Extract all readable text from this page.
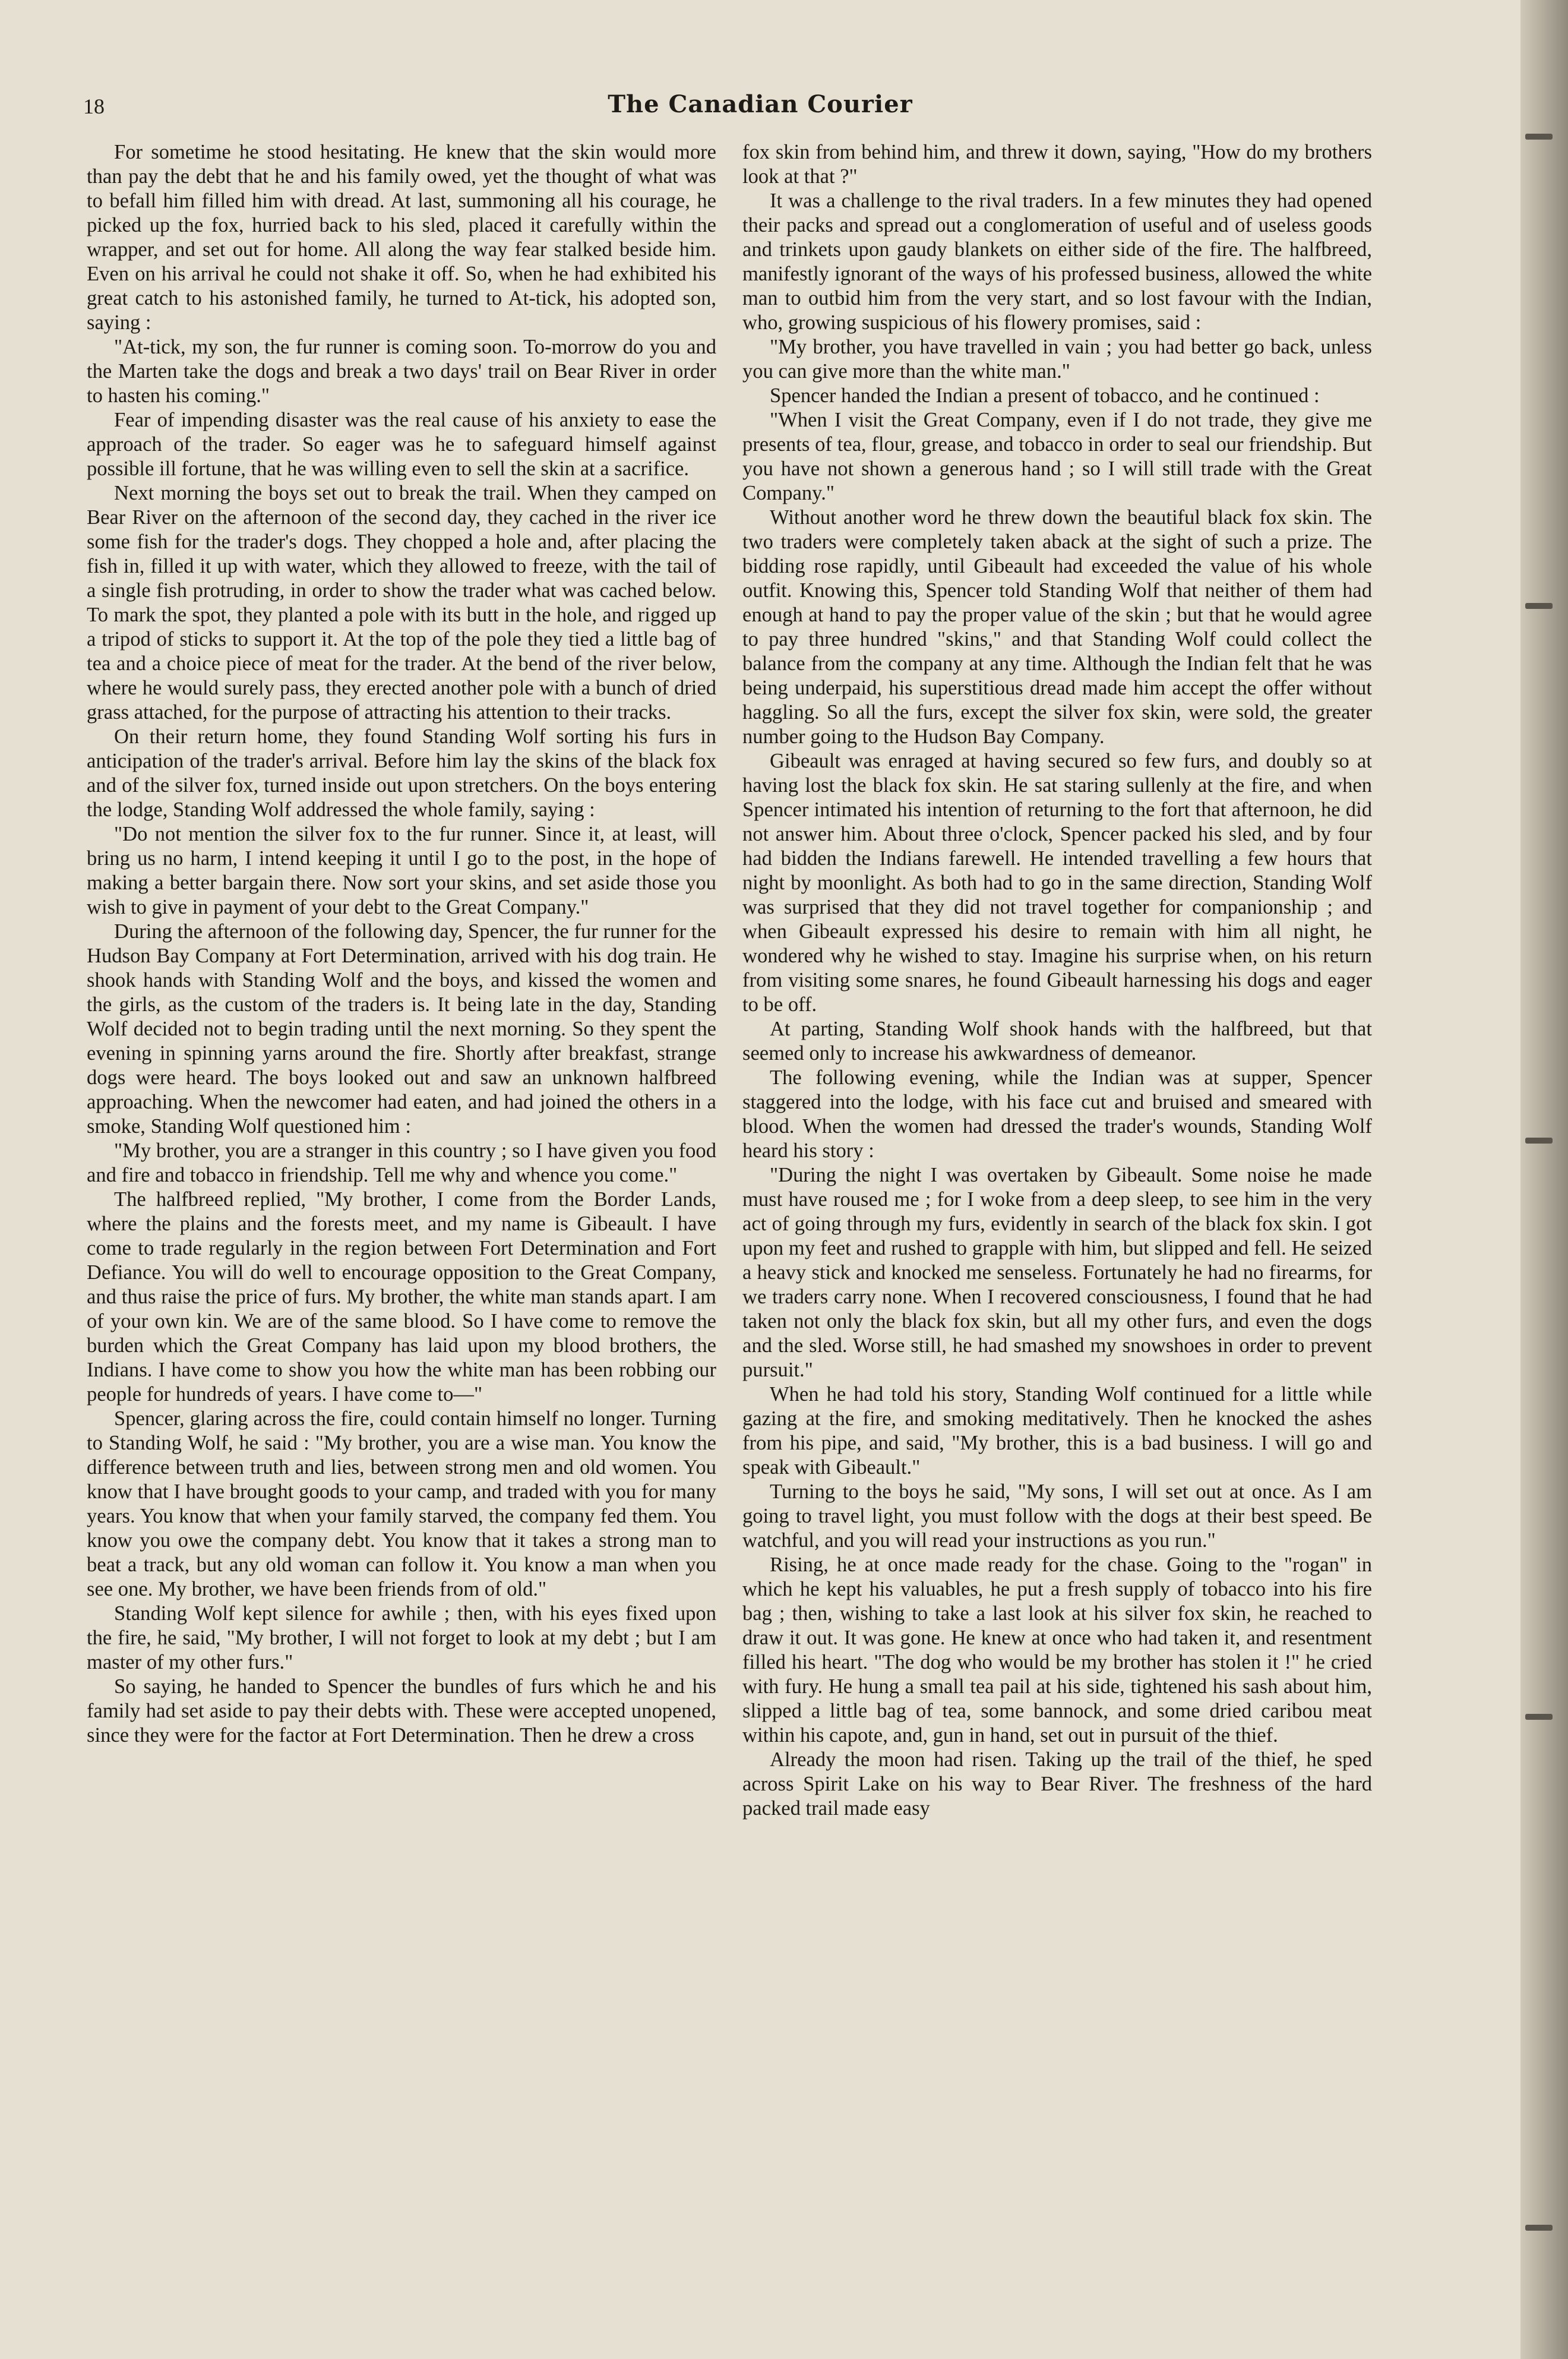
18	The Canadian Courier

For sometime he stood hesitating. He knew that the skin would more than pay the debt that he and his family owed, yet the thought of what was to befall him filled him with dread. At last, summoning all his courage, he picked up the fox, hurried back to his sled, placed it carefully within the wrapper, and set out for home. All along the way fear stalked beside him. Even on his arrival he could not shake it off. So, when he had exhibited his great catch to his astonished family, he turned to At-tick, his adopted son, saying :

"At-tick, my son, the fur runner is coming soon. To-morrow do you and the Marten take the dogs and break a two days' trail on Bear River in order to hasten his coming."

Fear of impending disaster was the real cause of his anxiety to ease the approach of the trader. So eager was he to safeguard himself against possible ill fortune, that he was willing even to sell the skin at a sacrifice.

Next morning the boys set out to break the trail. When they camped on Bear River on the afternoon of the second day, they cached in the river ice some fish for the trader's dogs. They chopped a hole and, after placing the fish in, filled it up with water, which they allowed to freeze, with the tail of a single fish protruding, in order to show the trader what was cached below. To mark the spot, they planted a pole with its butt in the hole, and rigged up a tripod of sticks to support it. At the top of the pole they tied a little bag of tea and a choice piece of meat for the trader. At the bend of the river below, where he would surely pass, they erected another pole with a bunch of dried grass attached, for the purpose of attracting his attention to their tracks.

On their return home, they found Standing Wolf sorting his furs in anticipation of the trader's arrival. Before him lay the skins of the black fox and of the silver fox, turned inside out upon stretchers. On the boys entering the lodge, Standing Wolf addressed the whole family, saying :

"Do not mention the silver fox to the fur runner. Since it, at least, will bring us no harm, I intend keeping it until I go to the post, in the hope of making a better bargain there. Now sort your skins, and set aside those you wish to give in payment of your debt to the Great Company."

During the afternoon of the following day, Spencer, the fur runner for the Hudson Bay Company at Fort Determination, arrived with his dog train. He shook hands with Standing Wolf and the boys, and kissed the women and the girls, as the custom of the traders is. It being late in the day, Standing Wolf decided not to begin trading until the next morning. So they spent the evening in spinning yarns around the fire. Shortly after breakfast, strange dogs were heard. The boys looked out and saw an unknown halfbreed approaching. When the newcomer had eaten, and had joined the others in a smoke, Standing Wolf questioned him :

"My brother, you are a stranger in this country ; so I have given you food and fire and tobacco in friendship. Tell me why and whence you come."

The halfbreed replied, "My brother, I come from the Border Lands, where the plains and the forests meet, and my name is Gibeault. I have come to trade regularly in the region between Fort Determination and Fort Defiance. You will do well to encourage opposition to the Great Company, and thus raise the price of furs. My brother, the white man stands apart. I am of your own kin. We are of the same blood. So I have come to remove the burden which the Great Company has laid upon my blood brothers, the Indians. I have come to show you how the white man has been robbing our people for hundreds of years. I have come to—"

Spencer, glaring across the fire, could contain himself no longer. Turning to Standing Wolf, he said : "My brother, you are a wise man. You know the difference between truth and lies, between strong men and old women. You know that I have brought goods to your camp, and traded with you for many years. You know that when your family starved, the company fed them. You know you owe the company debt. You know that it takes a strong man to beat a track, but any old woman can follow it. You know a man when you see one. My brother, we have been friends from of old."

Standing Wolf kept silence for awhile ; then, with his eyes fixed upon the fire, he said, "My brother, I will not forget to look at my debt ; but I am master of my other furs."

So saying, he handed to Spencer the bundles of furs which he and his family had set aside to pay their debts with. These were accepted unopened, since they were for the factor at Fort Determination. Then he drew a cross

fox skin from behind him, and threw it down, saying, "How do my brothers look at that ?"

It was a challenge to the rival traders. In a few minutes they had opened their packs and spread out a conglomeration of useful and of useless goods and trinkets upon gaudy blankets on either side of the fire. The halfbreed, manifestly ignorant of the ways of his professed business, allowed the white man to outbid him from the very start, and so lost favour with the Indian, who, growing suspicious of his flowery promises, said :

"My brother, you have travelled in vain ; you had better go back, unless you can give more than the white man."

Spencer handed the Indian a present of tobacco, and he continued :

"When I visit the Great Company, even if I do not trade, they give me presents of tea, flour, grease, and tobacco in order to seal our friendship. But you have not shown a generous hand ; so I will still trade with the Great Company."

Without another word he threw down the beautiful black fox skin. The two traders were completely taken aback at the sight of such a prize. The bidding rose rapidly, until Gibeault had exceeded the value of his whole outfit. Knowing this, Spencer told Standing Wolf that neither of them had enough at hand to pay the proper value of the skin ; but that he would agree to pay three hundred "skins," and that Standing Wolf could collect the balance from the company at any time. Although the Indian felt that he was being underpaid, his superstitious dread made him accept the offer without haggling. So all the furs, except the silver fox skin, were sold, the greater number going to the Hudson Bay Company.

Gibeault was enraged at having secured so few furs, and doubly so at having lost the black fox skin. He sat staring sullenly at the fire, and when Spencer intimated his intention of returning to the fort that afternoon, he did not answer him. About three o'clock, Spencer packed his sled, and by four had bidden the Indians farewell. He intended travelling a few hours that night by moonlight. As both had to go in the same direction, Standing Wolf was surprised that they did not travel together for companionship ; and when Gibeault expressed his desire to remain with him all night, he wondered why he wished to stay. Imagine his surprise when, on his return from visiting some snares, he found Gibeault harnessing his dogs and eager to be off.

At parting, Standing Wolf shook hands with the halfbreed, but that seemed only to increase his awkwardness of demeanor.

The following evening, while the Indian was at supper, Spencer staggered into the lodge, with his face cut and bruised and smeared with blood. When the women had dressed the trader's wounds, Standing Wolf heard his story :

"During the night I was overtaken by Gibeault. Some noise he made must have roused me ; for I woke from a deep sleep, to see him in the very act of going through my furs, evidently in search of the black fox skin. I got upon my feet and rushed to grapple with him, but slipped and fell. He seized a heavy stick and knocked me senseless. Fortunately he had no firearms, for we traders carry none. When I recovered consciousness, I found that he had taken not only the black fox skin, but all my other furs, and even the dogs and the sled. Worse still, he had smashed my snowshoes in order to prevent pursuit."

When he had told his story, Standing Wolf continued for a little while gazing at the fire, and smoking meditatively. Then he knocked the ashes from his pipe, and said, "My brother, this is a bad business. I will go and speak with Gibeault."

Turning to the boys he said, "My sons, I will set out at once. As I am going to travel light, you must follow with the dogs at their best speed. Be watchful, and you will read your instructions as you run."

Rising, he at once made ready for the chase. Going to the "rogan" in which he kept his valuables, he put a fresh supply of tobacco into his fire bag ; then, wishing to take a last look at his silver fox skin, he reached to draw it out. It was gone. He knew at once who had taken it, and resentment filled his heart. "The dog who would be my brother has stolen it !" he cried with fury. He hung a small tea pail at his side, tightened his sash about him, slipped a little bag of tea, some bannock, and some dried caribou meat within his capote, and, gun in hand, set out in pursuit of the thief.

Already the moon had risen. Taking up the trail of the thief, he sped across Spirit Lake on his way to Bear River. The freshness of the hard packed trail made easy
